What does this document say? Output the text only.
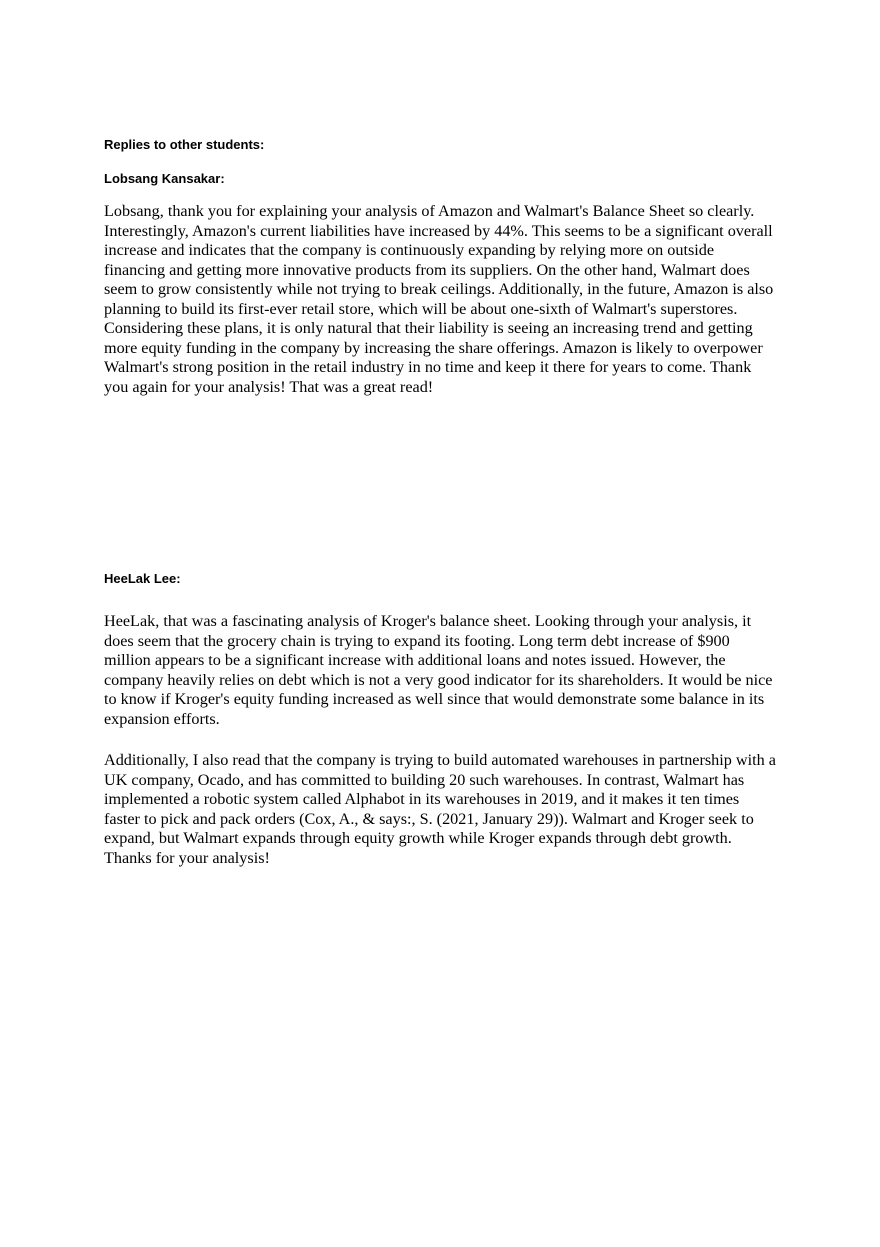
Replies to other students:

Lobsang Kansakar:

Lobsang, thank you for explaining your analysis of Amazon and Walmart's Balance Sheet so clearly. Interestingly, Amazon's current liabilities have increased by 44%. This seems to be a significant overall increase and indicates that the company is continuously expanding by relying more on outside financing and getting more innovative products from its suppliers. On the other hand, Walmart does seem to grow consistently while not trying to break ceilings. Additionally, in the future, Amazon is also planning to build its first-ever retail store, which will be about one-sixth of Walmart's superstores. Considering these plans, it is only natural that their liability is seeing an increasing trend and getting more equity funding in the company by increasing the share offerings. Amazon is likely to overpower Walmart's strong position in the retail industry in no time and keep it there for years to come. Thank you again for your analysis! That was a great read!

HeeLak Lee:

HeeLak, that was a fascinating analysis of Kroger's balance sheet. Looking through your analysis, it does seem that the grocery chain is trying to expand its footing. Long term debt increase of $900 million appears to be a significant increase with additional loans and notes issued. However, the company heavily relies on debt which is not a very good indicator for its shareholders. It would be nice to know if Kroger's equity funding increased as well since that would demonstrate some balance in its expansion efforts.

Additionally, I also read that the company is trying to build automated warehouses in partnership with a UK company, Ocado, and has committed to building 20 such warehouses. In contrast, Walmart has implemented a robotic system called Alphabot in its warehouses in 2019, and it makes it ten times faster to pick and pack orders (Cox, A., & says:, S. (2021, January 29)). Walmart and Kroger seek to expand, but Walmart expands through equity growth while Kroger expands through debt growth. Thanks for your analysis!
